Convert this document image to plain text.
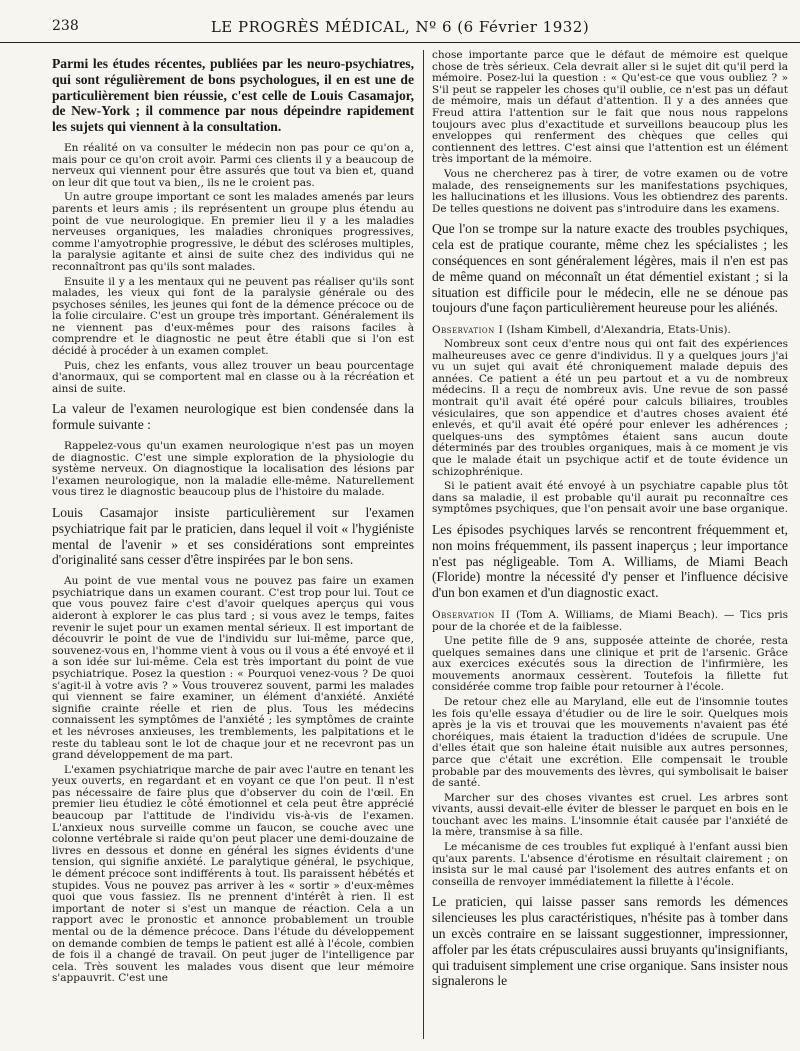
238	LE PROGRÈS MÉDICAL, Nº 6 (6 Février 1932)

Parmi les études récentes, publiées par les neuro-psychiatres, qui sont régulièrement de bons psychologues, il en est une de particulièrement bien réussie, c'est celle de Louis Casamajor, de New-York ; il commence par nous dépeindre rapidement les sujets qui viennent à la consultation.

En réalité on va consulter le médecin non pas pour ce qu'on a, mais pour ce qu'on croit avoir. Parmi ces clients il y a beaucoup de nerveux qui viennent pour être assurés que tout va bien et, quand on leur dit que tout va bien,, ils ne le croient pas.

Un autre groupe important ce sont les malades amenés par leurs parents et leurs amis ; ils représentent un groupe plus étendu au point de vue neurologique. En premier lieu il y a les maladies nerveuses organiques, les maladies chroniques progressives, comme l'amyotrophie progressive, le début des scléroses multiples, la paralysie agitante et ainsi de suite chez des individus qui ne reconnaîtront pas qu'ils sont malades.

Ensuite il y a les mentaux qui ne peuvent pas réaliser qu'ils sont malades, les vieux qui font de la paralysie générale ou des psychoses séniles, les jeunes qui font de la démence précoce ou de la folie circulaire. C'est un groupe très important. Généralement ils ne viennent pas d'eux-mêmes pour des raisons faciles à comprendre et le diagnostic ne peut être établi que si l'on est décidé à procéder à un examen complet.

Puis, chez les enfants, vous allez trouver un beau pourcentage d'anormaux, qui se comportent mal en classe ou à la récréation et ainsi de suite.

La valeur de l'examen neurologique est bien condensée dans la formule suivante :

Rappelez-vous qu'un examen neurologique n'est pas un moyen de diagnostic. C'est une simple exploration de la physiologie du système nerveux. On diagnostique la localisation des lésions par l'examen neurologique, non la maladie elle-même. Naturellement vous tirez le diagnostic beaucoup plus de l'histoire du malade.

Louis Casamajor insiste particulièrement sur l'examen psychiatrique fait par le praticien, dans lequel il voit « l'hygiéniste mental de l'avenir » et ses considérations sont empreintes d'originalité sans cesser d'être inspirées par le bon sens.

Au point de vue mental vous ne pouvez pas faire un examen psychiatrique dans un examen courant. C'est trop pour lui. Tout ce que vous pouvez faire c'est d'avoir quelques aperçus qui vous aideront à explorer le cas plus tard ; si vous avez le temps, faites revenir le sujet pour un examen mental sérieux. Il est important de découvrir le point de vue de l'individu sur lui-même, parce que, souvenez-vous en, l'homme vient à vous ou il vous a été envoyé et il a son idée sur lui-même. Cela est très important du point de vue psychiatrique. Posez la question : « Pourquoi venez-vous ? De quoi s'agit-il à votre avis ? » Vous trouverez souvent, parmi les malades qui viennent se faire examiner, un élément d'anxiété. Anxiété signifie crainte réelle et rien de plus. Tous les médecins connaissent les symptômes de l'anxiété ; les symptômes de crainte et les névroses anxieuses, les tremblements, les palpitations et le reste du tableau sont le lot de chaque jour et ne recevront pas un grand développement de ma part.

L'examen psychiatrique marche de pair avec l'autre en tenant les yeux ouverts, en regardant et en voyant ce que l'on peut. Il n'est pas nécessaire de faire plus que d'observer du coin de l'œil. En premier lieu étudiez le côté émotionnel et cela peut être apprécié beaucoup par l'attitude de l'individu vis-à-vis de l'examen. L'anxieux nous surveille comme un faucon, se couche avec une colonne vertébrale si raide qu'on peut placer une demi-douzaine de livres en dessous et donne en général les signes évidents d'une tension, qui signifie anxiété. Le paralytique général, le psychique, le dément précoce sont indifférents à tout. Ils paraissent hébétés et stupides. Vous ne pouvez pas arriver à les « sortir » d'eux-mêmes quoi que vous fassiez. Ils ne prennent d'intérêt à rien. Il est important de noter si s'est un manque de réaction. Cela a un rapport avec le pronostic et annonce probablement un trouble mental ou de la démence précoce. Dans l'étude du développement on demande combien de temps le patient est allé à l'école, combien de fois il a changé de travail. On peut juger de l'intelligence par cela. Très souvent les malades vous disent que leur mémoire s'appauvrit. C'est une

chose importante parce que le défaut de mémoire est quelque chose de très sérieux. Cela devrait aller si le sujet dit qu'il perd la mémoire. Posez-lui la question : « Qu'est-ce que vous oubliez ? » S'il peut se rappeler les choses qu'il oublie, ce n'est pas un défaut de mémoire, mais un défaut d'attention. Il y a des années que Freud attira l'attention sur le fait que nous nous rappelons toujours avec plus d'exactitude et surveillons beaucoup plus les enveloppes qui renferment des chèques que celles qui contiennent des lettres. C'est ainsi que l'attention est un élément très important de la mémoire.

Vous ne chercherez pas à tirer, de votre examen ou de votre malade, des renseignements sur les manifestations psychiques, les hallucinations et les illusions. Vous les obtiendrez des parents. De telles questions ne doivent pas s'introduire dans les examens.

Que l'on se trompe sur la nature exacte des troubles psychiques, cela est de pratique courante, même chez les spécialistes ; les conséquences en sont généralement légères, mais il n'en est pas de même quand on méconnaît un état démentiel existant ; si la situation est difficile pour le médecin, elle ne se dénoue pas toujours d'une façon particulièrement heureuse pour les aliénés.

Observation I (Isham Kimbell, d'Alexandria, Etats-Unis).

Nombreux sont ceux d'entre nous qui ont fait des expériences malheureuses avec ce genre d'individus. Il y a quelques jours j'ai vu un sujet qui avait été chroniquement malade depuis des années. Ce patient a été un peu partout et a vu de nombreux médecins. Il a reçu de nombreux avis. Une revue de son passé montrait qu'il avait été opéré pour calculs biliaires, troubles vésiculaires, que son appendice et d'autres choses avaient été enlevés, et qu'il avait été opéré pour enlever les adhérences ; quelques-uns des symptômes étaient sans aucun doute déterminés par des troubles organiques, mais à ce moment je vis que le malade était un psychique actif et de toute évidence un schizophrénique.

Si le patient avait été envoyé à un psychiatre capable plus tôt dans sa maladie, il est probable qu'il aurait pu reconnaître ces symptômes psychiques, que l'on pensait avoir une base organique.

Les épisodes psychiques larvés se rencontrent fréquemment et, non moins fréquemment, ils passent inaperçus ; leur importance n'est pas négligeable. Tom A. Williams, de Miami Beach (Floride) montre la nécessité d'y penser et l'influence décisive d'un bon examen et d'un diagnostic exact.

Observation II (Tom A. Williams, de Miami Beach). — Tics pris pour de la chorée et de la faiblesse.

Une petite fille de 9 ans, supposée atteinte de chorée, resta quelques semaines dans une clinique et prit de l'arsenic. Grâce aux exercices exécutés sous la direction de l'infirmière, les mouvements anormaux cessèrent. Toutefois la fillette fut considérée comme trop faible pour retourner à l'école.

De retour chez elle au Maryland, elle eut de l'insomnie toutes les fois qu'elle essaya d'étudier ou de lire le soir. Quelques mois après je la vis et trouvai que les mouvements n'avaient pas été choréiques, mais étaient la traduction d'idées de scrupule. Une d'elles était que son haleine était nuisible aux autres personnes, parce que c'était une excrétion. Elle compensait le trouble probable par des mouvements des lèvres, qui symbolisait le baiser de santé.

Marcher sur des choses vivantes est cruel. Les arbres sont vivants, aussi devait-elle éviter de blesser le parquet en bois en le touchant avec les mains. L'insomnie était causée par l'anxiété de la mère, transmise à sa fille.

Le mécanisme de ces troubles fut expliqué à l'enfant aussi bien qu'aux parents. L'absence d'érotisme en résultait clairement ; on insista sur le mal causé par l'isolement des autres enfants et on conseilla de renvoyer immédiatement la fillette à l'école.

Le praticien, qui laisse passer sans remords les démences silencieuses les plus caractéristiques, n'hésite pas à tomber dans un excès contraire en se laissant suggestionner, impressionner, affoler par les états crépusculaires aussi bruyants qu'insignifiants, qui traduisent simplement une crise organique. Sans insister nous signalerons le
